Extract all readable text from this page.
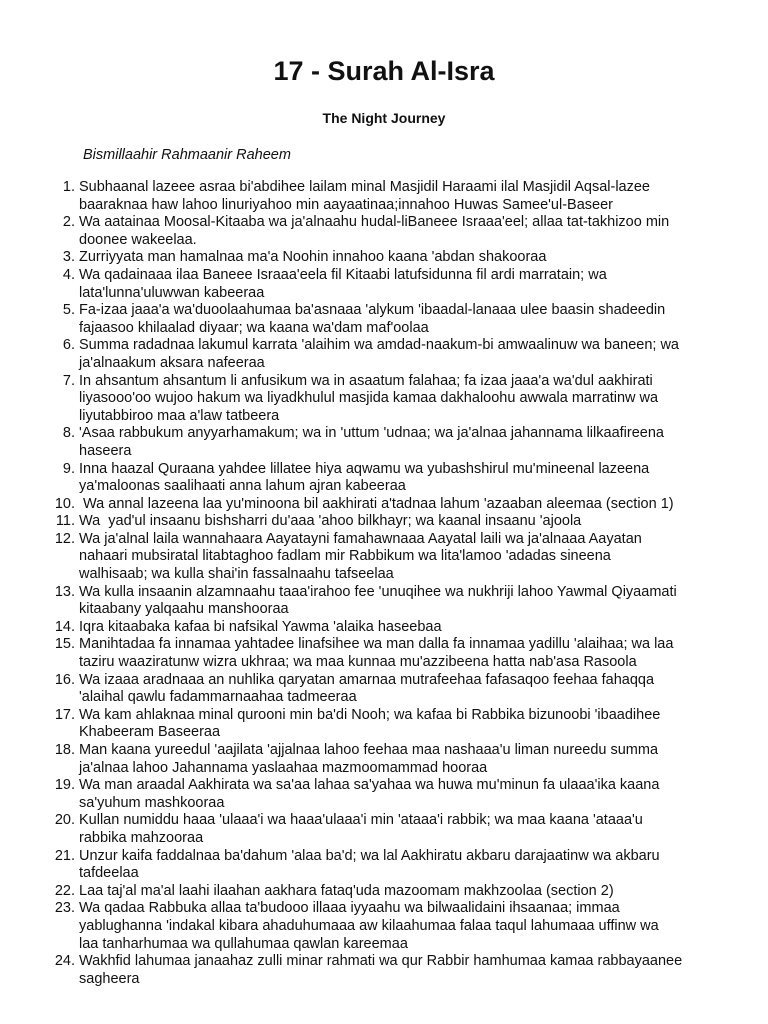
17 - Surah Al-Isra
The Night Journey
Bismillaahir Rahmaanir Raheem
1. Subhaanal lazeee asraa bi'abdihee lailam minal Masjidil Haraami ilal Masjidil Aqsal-lazee
baaraknaa haw lahoo linuriyahoo min aayaatinaa;innahoo Huwas Samee'ul-Baseer
2. Wa aatainaa Moosal-Kitaaba wa ja'alnaahu hudal-liBaneee Israaa'eel; allaa tat-takhizoo min
doonee wakeelaa.
3. Zurriyyata man hamalnaa ma'a Noohin innahoo kaana 'abdan shakooraa
4. Wa qadainaaa ilaa Baneee Israaa'eela fil Kitaabi latufsidunna fil ardi marratain; wa
lata'lunna'uluwwan kabeeraa
5. Fa-izaa jaaa'a wa'duoolaahumaa ba'asnaaa 'alykum 'ibaadal-lanaaa ulee baasin shadeedin
fajaasoo khilaalad diyaar; wa kaana wa'dam maf'oolaa
6. Summa radadnaa lakumul karrata 'alaihim wa amdad-naakum-bi amwaalinuw wa baneen; wa
ja'alnaakum aksara nafeeraa
7. In ahsantum ahsantum li anfusikum wa in asaatum falahaa; fa izaa jaaa'a wa'dul aakhirati
liyasooo'oo wujoo hakum wa liyadkhulul masjida kamaa dakhaloohu awwala marratinw wa
liyutabbiroo maa a'law tatbeera
8. 'Asaa rabbukum anyyarhamakum; wa in 'uttum 'udnaa; wa ja'alnaa jahannama lilkaafireena
haseera
9. Inna haazal Quraana yahdee lillatee hiya aqwamu wa yubashshirul mu'mineenal lazeena
ya'maloonas saalihaati anna lahum ajran kabeeraa
10. Wa annal lazeena laa yu'minoona bil aakhirati a'tadnaa lahum 'azaaban aleemaa (section 1)
11. Wa  yad'ul insaanu bishsharri du'aaa 'ahoo bilkhayr; wa kaanal insaanu 'ajoola
12. Wa ja'alnal laila wannahaara Aayatayni famahawnaaa Aayatal laili wa ja'alnaaa Aayatan
nahaari mubsiratal litabtaghoo fadlam mir Rabbikum wa lita'lamoo 'adadas sineena
walhisaab; wa kulla shai'in fassalnaahu tafseelaa
13. Wa kulla insaanin alzamnaahu taaa'irahoo fee 'unuqihee wa nukhriji lahoo Yawmal Qiyaamati
kitaabany yalqaahu manshooraa
14. Iqra kitaabaka kafaa bi nafsikal Yawma 'alaika haseebaa
15. Manihtadaa fa innamaa yahtadee linafsihee wa man dalla fa innamaa yadillu 'alaihaa; wa laa
taziru waaziratunw wizra ukhraa; wa maa kunnaa mu'azzibeena hatta nab'asa Rasoola
16. Wa izaaa aradnaaa an nuhlika qaryatan amarnaa mutrafeehaa fafasaqoo feehaa fahaqqa
'alaihal qawlu fadammarnaahaa tadmeeraa
17. Wa kam ahlaknaa minal qurooni min ba'di Nooh; wa kafaa bi Rabbika bizunoobi 'ibaadihee
Khabeeram Baseeraa
18. Man kaana yureedul 'aajilata 'ajjalnaa lahoo feehaa maa nashaaa'u liman nureedu summa
ja'alnaa lahoo Jahannama yaslaahaa mazmoomammad hooraa
19. Wa man araadal Aakhirata wa sa'aa lahaa sa'yahaa wa huwa mu'minun fa ulaaa'ika kaana
sa'yuhum mashkooraa
20. Kullan numiddu haaa 'ulaaa'i wa haaa'ulaaa'i min 'ataaa'i rabbik; wa maa kaana 'ataaa'u
rabbika mahzooraa
21. Unzur kaifa faddalnaa ba'dahum 'alaa ba'd; wa lal Aakhiratu akbaru darajaatinw wa akbaru
tafdeelaa
22. Laa taj'al ma'al laahi ilaahan aakhara fataq'uda mazoomam makhzoolaa (section 2)
23. Wa qadaa Rabbuka allaa ta'budooo illaaa iyyaahu wa bilwaalidaini ihsaanaa; immaa
yablughanna 'indakal kibara ahaduhumaaa aw kilaahumaa falaa taqul lahumaaa uffinw wa
laa tanharhumaa wa qullahumaa qawlan kareemaa
24. Wakhfid lahumaa janaahaz zulli minar rahmati wa qur Rabbir hamhumaa kamaa rabbayaanee
sagheera
